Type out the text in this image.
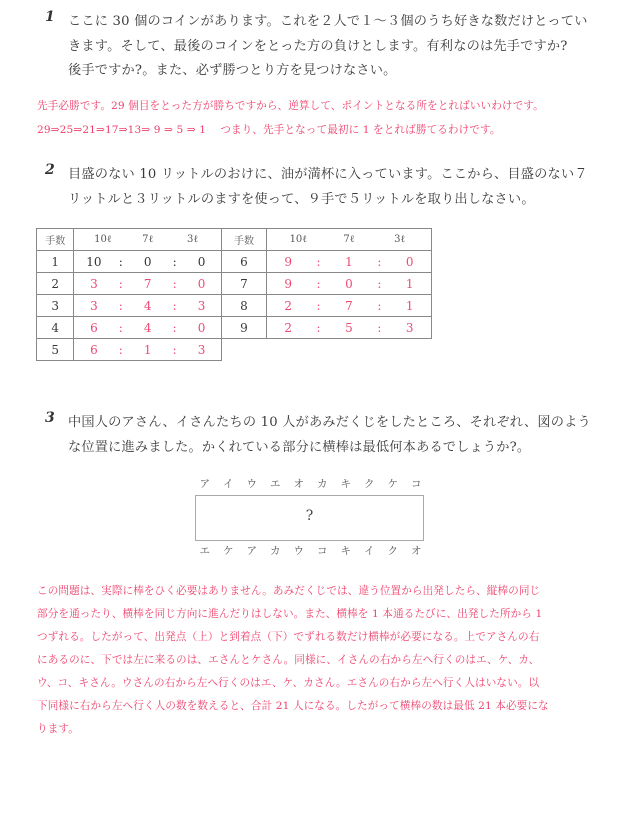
1 ここに 30 個のコインがあります。これを２人で１～３個のうち好きな数だけとってい
きます。そして、最後のコインをとった方の負けとします。有利なのは先手ですか?
後手ですか?。また、必ず勝つとり方を見つけなさい。
先手必勝です。29 個目をとった方が勝ちですから、逆算して、ポイントとなる所をとればいいわけです。
29⇒25⇒21⇒17⇒13⇒ 9 ⇒ 5 ⇒ 1　 つまり、先手となって最初に 1 をとれば勝てるわけです。
2 目盛のない 10 リットルのおけに、油が満杯に入っています。ここから、目盛のない７
リットルと３リットルのますを使って、９手で５リットルを取り出しなさい。
手数	10ℓ 7ℓ 3ℓ

1	10 : 0 : 0

2	3 : 7 : 0

3	3 : 4 : 3

4	6 : 4 : 0

5	6 : 1 : 3
手数	10ℓ 7ℓ 3ℓ

6	9 : 1 : 0

7	9 : 0 : 1

8	2 : 7 : 1

9	2 : 5 : 3
3 中国人のアさん、イさんたちの 10 人があみだくじをしたところ、それぞれ、図のよう
な位置に進みました。かくれている部分に横棒は最低何本あるでしょうか?。
ア イ ウ エ オ カ キ ク ケ コ
?
エ ケ ア カ ウ コ キ イ ク オ
この問題は、実際に棒をひく必要はありません。あみだくじでは、違う位置から出発したら、縦棒の同じ
部分を通ったり、横棒を同じ方向に進んだりはしない。また、横棒を 1 本通るたびに、出発した所から 1
つずれる。したがって、出発点（上）と到着点（下）でずれる数だけ横棒が必要になる。上でアさんの右
にあるのに、下では左に来るのは、エさんとケさん。同様に、イさんの右から左へ行くのはエ、ケ、カ、
ウ、コ、キさん。ウさんの右から左へ行くのはエ、ケ、カさん。エさんの右から左へ行く人はいない。以
下同様に右から左へ行く人の数を数えると、合計 21 人になる。したがって横棒の数は最低 21 本必要にな
ります。
